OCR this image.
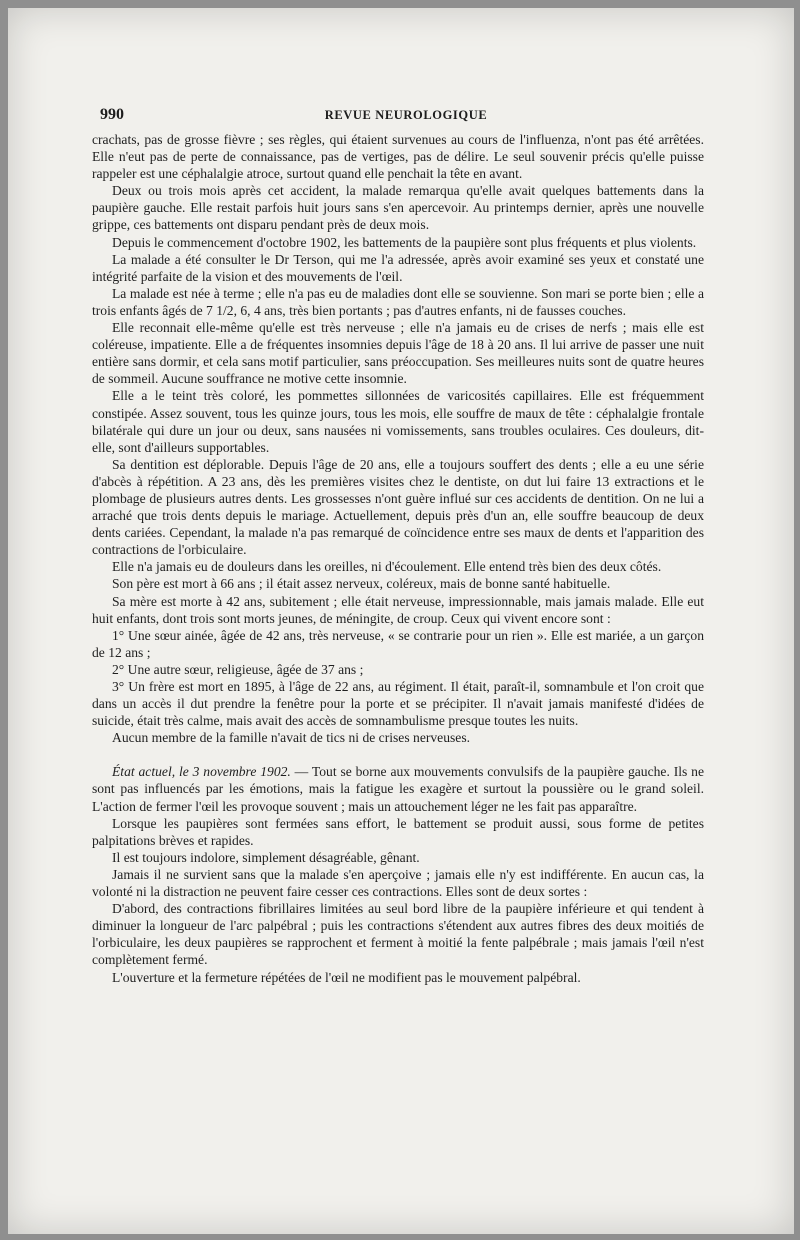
990	REVUE NEUROLOGIQUE

crachats, pas de grosse fièvre ; ses règles, qui étaient survenues au cours de l'influenza, n'ont pas été arrêtées. Elle n'eut pas de perte de connaissance, pas de vertiges, pas de délire. Le seul souvenir précis qu'elle puisse rappeler est une céphalalgie atroce, surtout quand elle penchait la tête en avant.

Deux ou trois mois après cet accident, la malade remarqua qu'elle avait quelques battements dans la paupière gauche. Elle restait parfois huit jours sans s'en apercevoir. Au printemps dernier, après une nouvelle grippe, ces battements ont disparu pendant près de deux mois.

Depuis le commencement d'octobre 1902, les battements de la paupière sont plus fréquents et plus violents.

La malade a été consulter le Dr Terson, qui me l'a adressée, après avoir examiné ses yeux et constaté une intégrité parfaite de la vision et des mouvements de l'œil.

La malade est née à terme ; elle n'a pas eu de maladies dont elle se souvienne. Son mari se porte bien ; elle a trois enfants âgés de 7 1/2, 6, 4 ans, très bien portants ; pas d'autres enfants, ni de fausses couches.

Elle reconnait elle-même qu'elle est très nerveuse ; elle n'a jamais eu de crises de nerfs ; mais elle est coléreuse, impatiente. Elle a de fréquentes insomnies depuis l'âge de 18 à 20 ans. Il lui arrive de passer une nuit entière sans dormir, et cela sans motif particulier, sans préoccupation. Ses meilleures nuits sont de quatre heures de sommeil. Aucune souffrance ne motive cette insomnie.

Elle a le teint très coloré, les pommettes sillonnées de varicosités capillaires. Elle est fréquemment constipée. Assez souvent, tous les quinze jours, tous les mois, elle souffre de maux de tête : céphalalgie frontale bilatérale qui dure un jour ou deux, sans nausées ni vomissements, sans troubles oculaires. Ces douleurs, dit-elle, sont d'ailleurs supportables.

Sa dentition est déplorable. Depuis l'âge de 20 ans, elle a toujours souffert des dents ; elle a eu une série d'abcès à répétition. A 23 ans, dès les premières visites chez le dentiste, on dut lui faire 13 extractions et le plombage de plusieurs autres dents. Les grossesses n'ont guère influé sur ces accidents de dentition. On ne lui a arraché que trois dents depuis le mariage. Actuellement, depuis près d'un an, elle souffre beaucoup de deux dents cariées. Cependant, la malade n'a pas remarqué de coïncidence entre ses maux de dents et l'apparition des contractions de l'orbiculaire.

Elle n'a jamais eu de douleurs dans les oreilles, ni d'écoulement. Elle entend très bien des deux côtés.

Son père est mort à 66 ans ; il était assez nerveux, coléreux, mais de bonne santé habituelle.

Sa mère est morte à 42 ans, subitement ; elle était nerveuse, impressionnable, mais jamais malade. Elle eut huit enfants, dont trois sont morts jeunes, de méningite, de croup. Ceux qui vivent encore sont :

1° Une sœur ainée, âgée de 42 ans, très nerveuse, « se contrarie pour un rien ». Elle est mariée, a un garçon de 12 ans ;

2° Une autre sœur, religieuse, âgée de 37 ans ;

3° Un frère est mort en 1895, à l'âge de 22 ans, au régiment. Il était, paraît-il, somnambule et l'on croit que dans un accès il dut prendre la fenêtre pour la porte et se précipiter. Il n'avait jamais manifesté d'idées de suicide, était très calme, mais avait des accès de somnambulisme presque toutes les nuits.

Aucun membre de la famille n'avait de tics ni de crises nerveuses.

État actuel, le 3 novembre 1902. — Tout se borne aux mouvements convulsifs de la paupière gauche. Ils ne sont pas influencés par les émotions, mais la fatigue les exagère et surtout la poussière ou le grand soleil. L'action de fermer l'œil les provoque souvent ; mais un attouchement léger ne les fait pas apparaître.

Lorsque les paupières sont fermées sans effort, le battement se produit aussi, sous forme de petites palpitations brèves et rapides.

Il est toujours indolore, simplement désagréable, gênant.

Jamais il ne survient sans que la malade s'en aperçoive ; jamais elle n'y est indifférente. En aucun cas, la volonté ni la distraction ne peuvent faire cesser ces contractions. Elles sont de deux sortes :

D'abord, des contractions fibrillaires limitées au seul bord libre de la paupière inférieure et qui tendent à diminuer la longueur de l'arc palpébral ; puis les contractions s'étendent aux autres fibres des deux moitiés de l'orbiculaire, les deux paupières se rapprochent et ferment à moitié la fente palpébrale ; mais jamais l'œil n'est complètement fermé.

L'ouverture et la fermeture répétées de l'œil ne modifient pas le mouvement palpébral.
